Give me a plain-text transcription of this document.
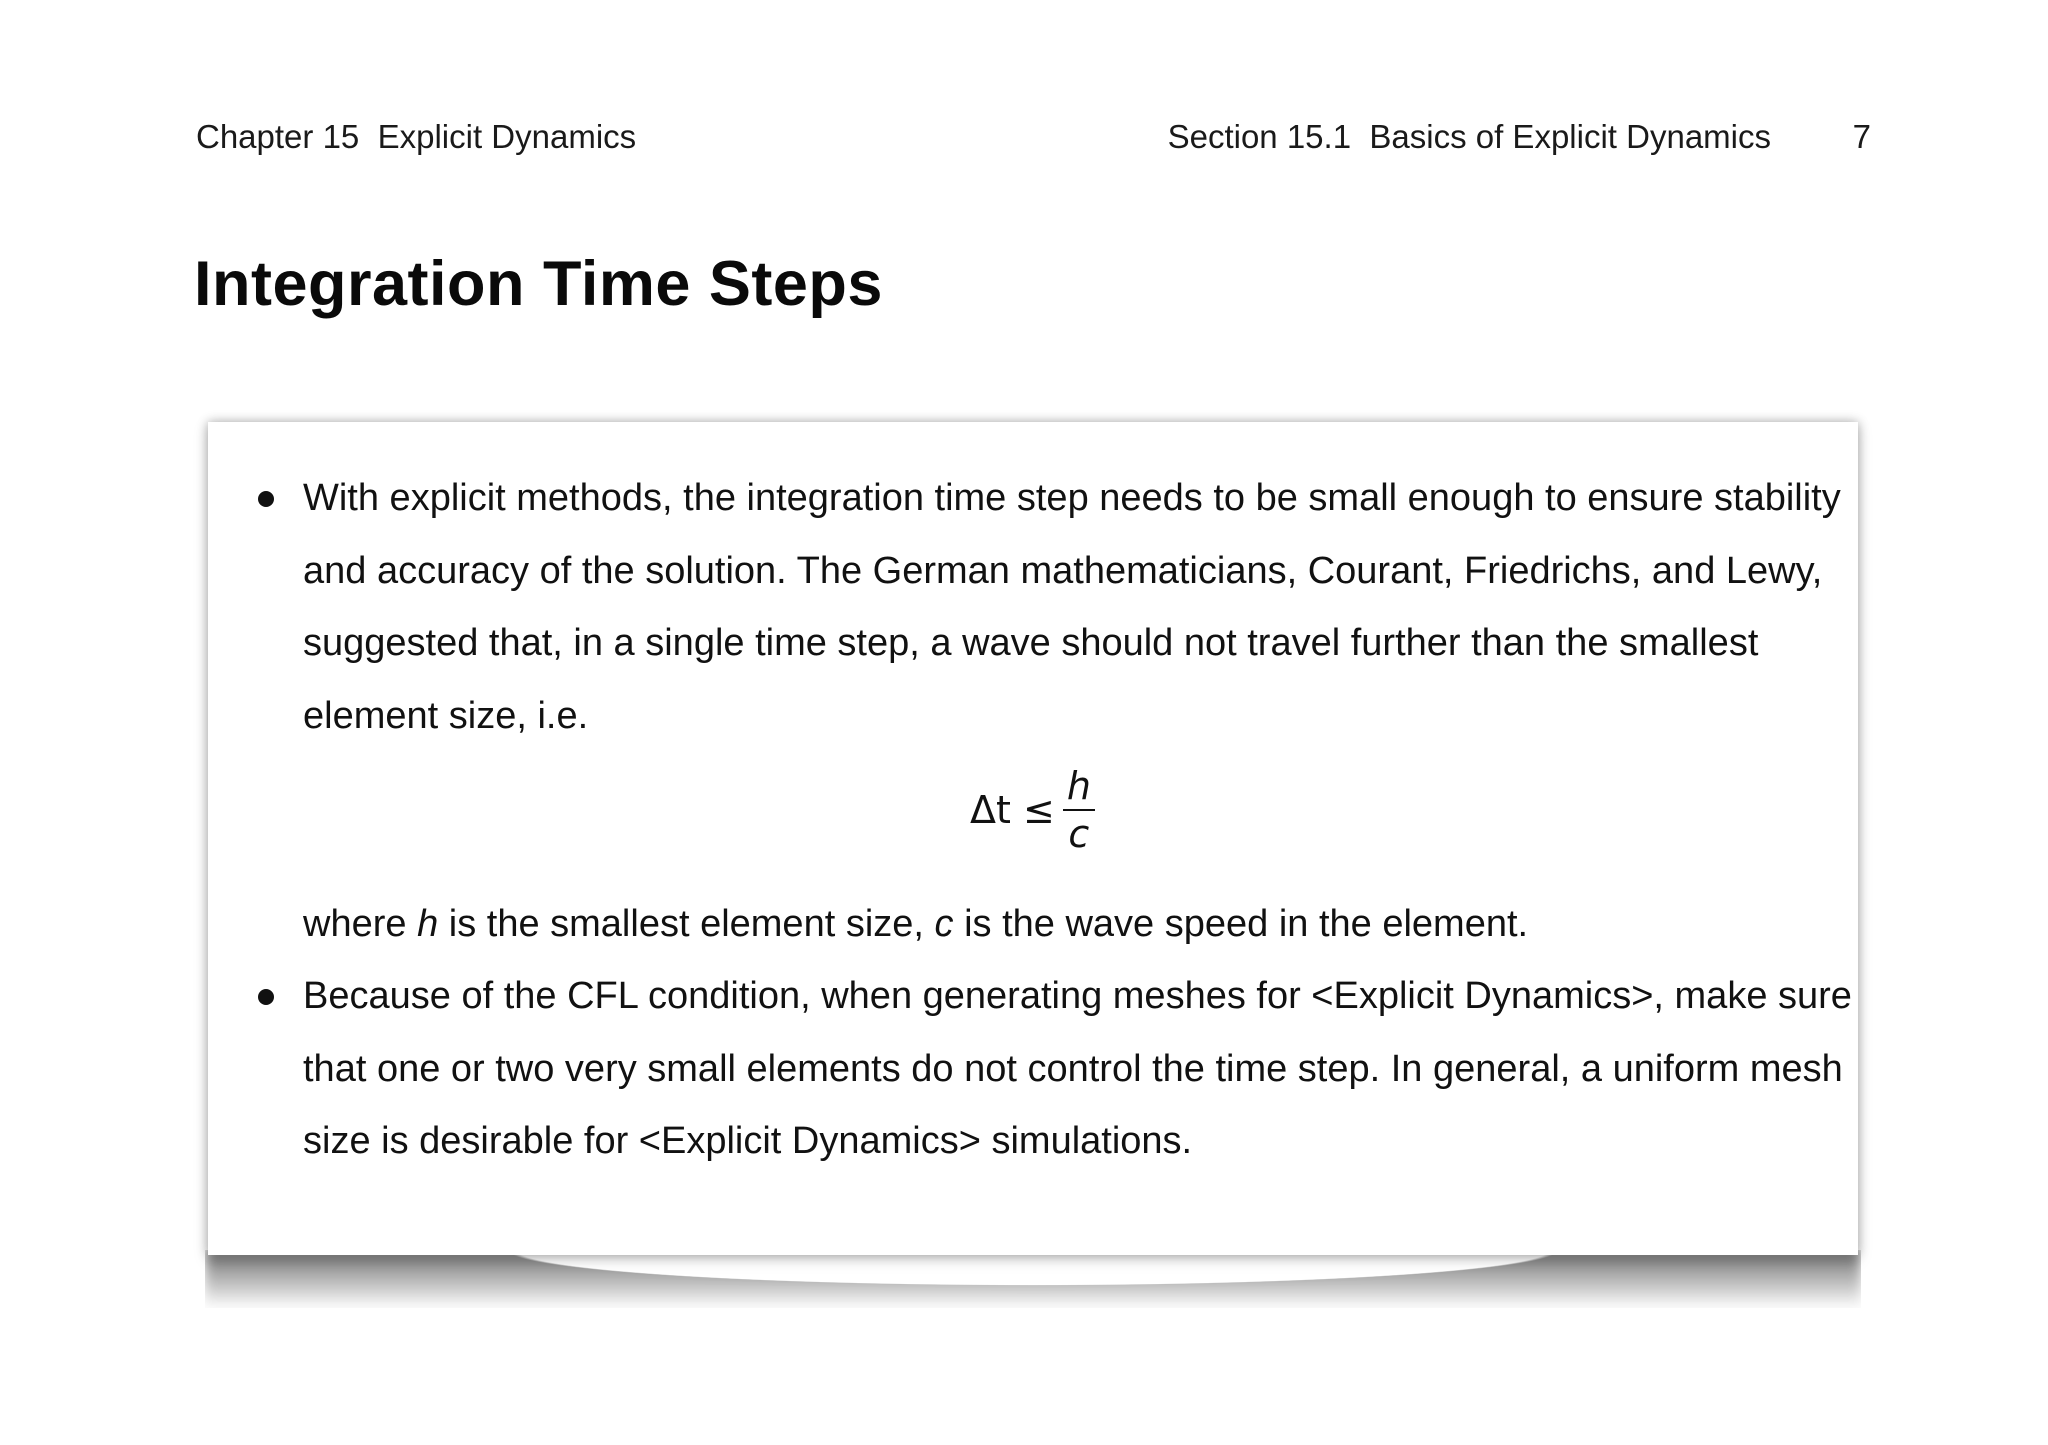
Chapter 15  Explicit Dynamics	Section 15.1  Basics of Explicit Dynamics 7
Integration Time Steps
With explicit methods, the integration time step needs to be small enough to ensure stability and accuracy of the solution. The German mathematicians, Courant, Friedrichs, and Lewy, suggested that, in a single time step, a wave should not travel further than the smallest element size, i.e.
$\Delta t \le \frac{h}{c}$
where h is the smallest element size, c is the wave speed in the element.
Because of the CFL condition, when generating meshes for <Explicit Dynamics>, make sure that one or two very small elements do not control the time step. In general, a uniform mesh size is desirable for <Explicit Dynamics> simulations.
